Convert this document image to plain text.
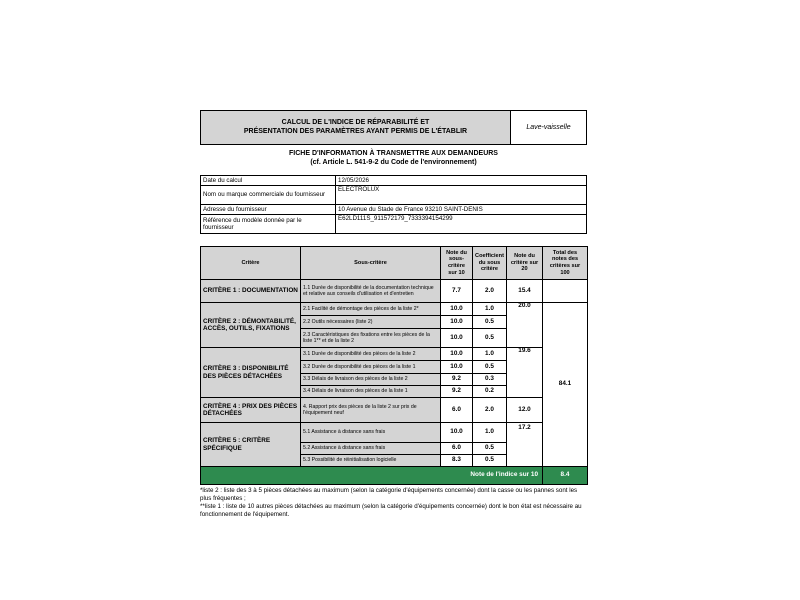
CALCUL DE L'INDICE DE RÉPARABILITÉ ET
PRÉSENTATION DES PARAMÈTRES AYANT PERMIS DE L'ÉTABLIR	Lave-vaisselle
FICHE D'INFORMATION À TRANSMETTRE AUX DEMANDEURS
(cf. Article L. 541-9-2 du Code de l'environnement)
Date du calcul	12/05/2026
Nom ou marque commerciale du fournisseur	ELECTROLUX
Adresse du fournisseur	10 Avenue du Stade de France 93210 SAINT-DENIS
Référence du modèle donnée par le fournisseur	E62LD111S_911572179_7333394154299
Critère	Sous-critère	Note du sous-critère sur 10	Coefficient du sous critère	Note du critère sur 20	Total des notes des critères sur 100
CRITÈRE 1 : DOCUMENTATION	1.1 Durée de disponibilité de la documentation technique et relative aux conseils d'utilisation et d'entretien	7.7	2.0	15.4	
CRITÈRE 2 : DÉMONTABILITÉ, ACCÈS, OUTILS, FIXATIONS	2.1 Facilité de démontage des pièces de la liste 2*	10.0	1.0	20.0	84.1
	2.2 Outils nécessaires (liste 2)	10.0	0.5		
	2.3 Caractéristiques des fixations entre les pièces de la liste 1** et de la liste 2	10.0	0.5		
CRITÈRE 3 : DISPONIBILITÉ DES PIÈCES DÉTACHÉES	3.1 Durée de disponibilité des pièces de la liste 2	10.0	1.0	19.6	
	3.2 Durée de disponibilité des pièces de la liste 1	10.0	0.5		
	3.3 Délais de livraison des pièces de la liste 2	9.2	0.3		
	3.4 Délais de livraison des pièces de la liste 1	9.2	0.2		
CRITÈRE 4 : PRIX DES PIÈCES DÉTACHÉES	4. Rapport prix des pièces de la liste 2 sur prix de l'équipement neuf	6.0	2.0	12.0	
CRITÈRE 5 : CRITÈRE SPÉCIFIQUE	5.1 Assistance à distance sans frais	10.0	1.0	17.2	
	5.2 Assistance à distance sans frais	6.0	0.5		
	5.3 Possibilité de réinitialisation logicielle	8.3	0.5		
Note de l'indice sur 10					8.4
*liste 2 : liste des 3 à 5 pièces détachées au maximum (selon la catégorie d'équipements concernée) dont la casse ou les pannes sont les plus fréquentes ;
**liste 1 : liste de 10 autres pièces détachées au maximum (selon la catégorie d'équipements concernée) dont le bon état est nécessaire au fonctionnement de l'équipement.
